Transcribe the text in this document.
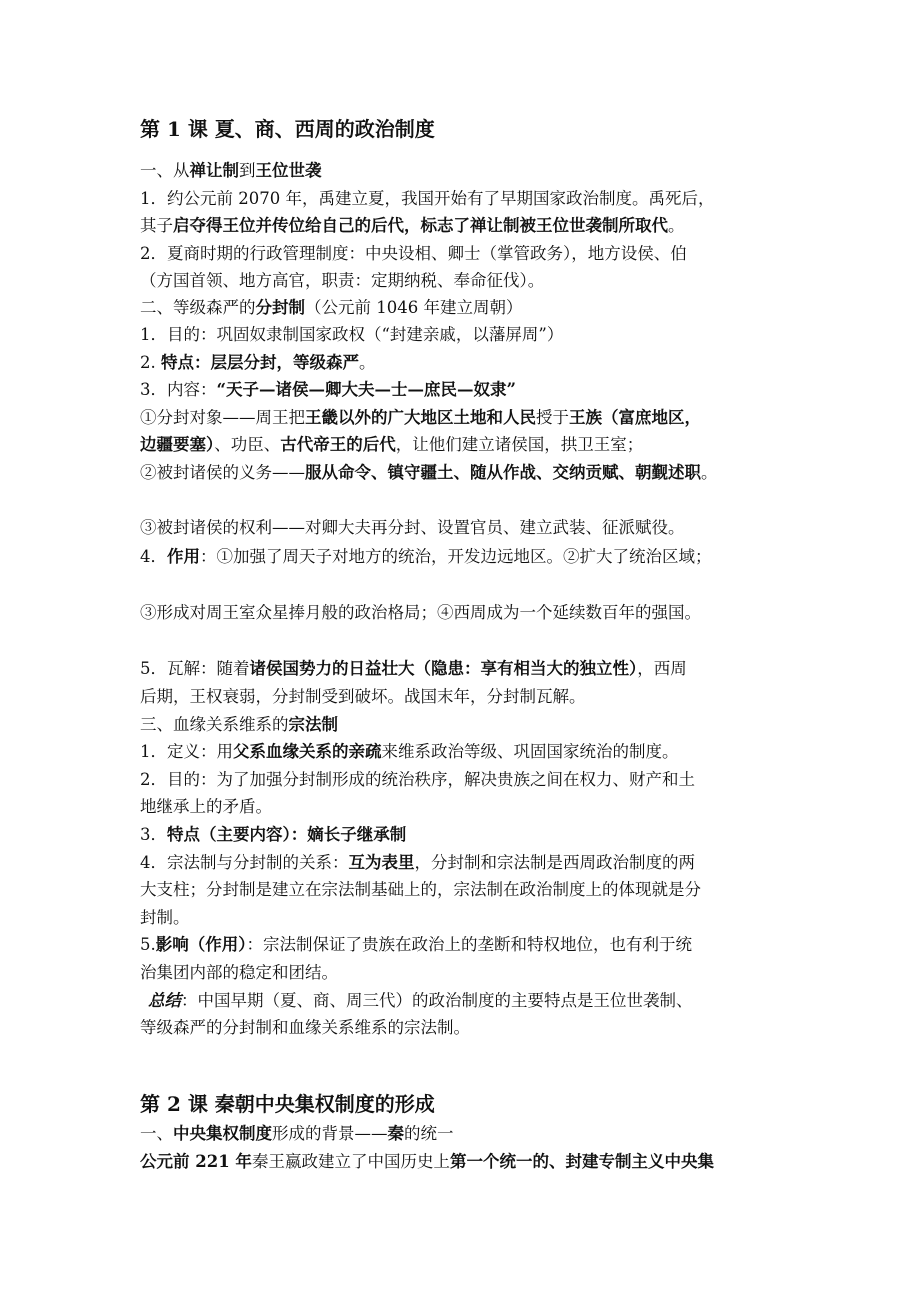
第 1 课 夏、商、西周的政治制度
一、从禅让制到王位世袭
1．约公元前 2070 年，禹建立夏，我国开始有了早期国家政治制度。禹死后，
其子启夺得王位并传位给自己的后代，标志了禅让制被王位世袭制所取代。
2．夏商时期的行政管理制度：中央设相、卿士（掌管政务），地方设侯、伯
（方国首领、地方高官，职责：定期纳税、奉命征伐）。
二、等级森严的分封制（公元前 1046 年建立周朝）
1．目的：巩固奴隶制国家政权（“封建亲戚，以藩屏周”）
2. 特点：层层分封，等级森严。
3．内容：“天子—诸侯—卿大夫—士—庶民—奴隶”
①分封对象——周王把王畿以外的广大地区土地和人民授于王族（富庶地区，
边疆要塞）、功臣、古代帝王的后代，让他们建立诸侯国，拱卫王室；
②被封诸侯的义务——服从命令、镇守疆土、随从作战、交纳贡赋、朝觐述职。
③被封诸侯的权利——对卿大夫再分封、设置官员、建立武装、征派赋役。
4．作用：①加强了周天子对地方的统治，开发边远地区。②扩大了统治区域；
③形成对周王室众星捧月般的政治格局；④西周成为一个延续数百年的强国。
5．瓦解：随着诸侯国势力的日益壮大（隐患：享有相当大的独立性），西周
后期，王权衰弱，分封制受到破坏。战国末年，分封制瓦解。
三、血缘关系维系的宗法制
1．定义：用父系血缘关系的亲疏来维系政治等级、巩固国家统治的制度。
2．目的：为了加强分封制形成的统治秩序，解决贵族之间在权力、财产和土
地继承上的矛盾。
3．特点（主要内容）：嫡长子继承制
4．宗法制与分封制的关系：互为表里，分封制和宗法制是西周政治制度的两
大支柱；分封制是建立在宗法制基础上的，宗法制在政治制度上的体现就是分
封制。
5.影响（作用）：宗法制保证了贵族在政治上的垄断和特权地位，也有利于统
治集团内部的稳定和团结。
总结：中国早期（夏、商、周三代）的政治制度的主要特点是王位世袭制、
等级森严的分封制和血缘关系维系的宗法制。
第 2 课 秦朝中央集权制度的形成
一、中央集权制度形成的背景——秦的统一
公元前 221 年秦王嬴政建立了中国历史上第一个统一的、封建专制主义中央集
